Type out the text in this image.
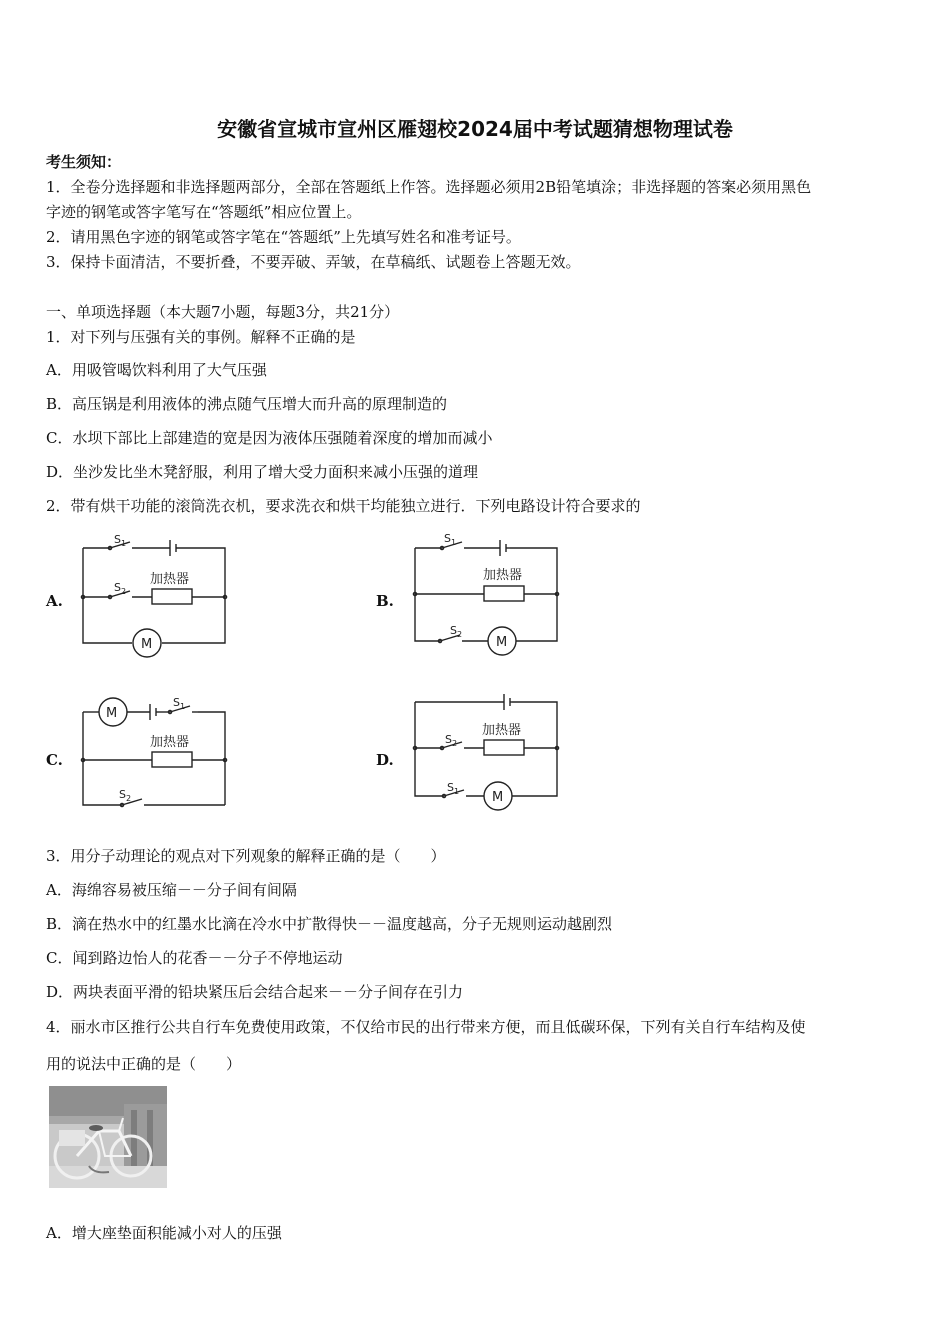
安徽省宣城市宣州区雁翅校2024届中考试题猜想物理试卷
考生须知：
1．全卷分选择题和非选择题两部分，全部在答题纸上作答。选择题必须用2B铅笔填涂；非选择题的答案必须用黑色
字迹的钢笔或答字笔写在“答题纸”相应位置上。
2．请用黑色字迹的钢笔或答字笔在“答题纸”上先填写姓名和准考证号。
3．保持卡面清洁，不要折叠，不要弄破、弄皱，在草稿纸、试题卷上答题无效。
一、单项选择题（本大题7小题，每题3分，共21分）
1．对下列与压强有关的事例。解释不正确的是
A．用吸管喝饮料利用了大气压强
B．高压锅是利用液体的沸点随气压增大而升高的原理制造的
C．水坝下部比上部建造的宽是因为液体压强随着深度的增加而减小
D．坐沙发比坐木凳舒服，利用了增大受力面积来减小压强的道理
2．带有烘干功能的滚筒洗衣机，要求洗衣和烘干均能独立进行．下列电路设计符合要求的
A.	B.
C.	D.
S 1
S 2
加热器
M
S 1
加热器
S 2
M
M
S 1
加热器
S 2
S 2
加热器
S 1	M
3．用分子动理论的观点对下列观象的解释正确的是（　　）
A．海绵容易被压缩－－分子间有间隔
B．滴在热水中的红墨水比滴在冷水中扩散得快－－温度越高，分子无规则运动越剧烈
C．闻到路边怡人的花香－－分子不停地运动
D．两块表面平滑的铅块紧压后会结合起来－－分子间存在引力
4．丽水市区推行公共自行车免费使用政策，不仅给市民的出行带来方便，而且低碳环保，下列有关自行车结构及使
用的说法中正确的是（　　）
A．增大座垫面积能减小对人的压强
